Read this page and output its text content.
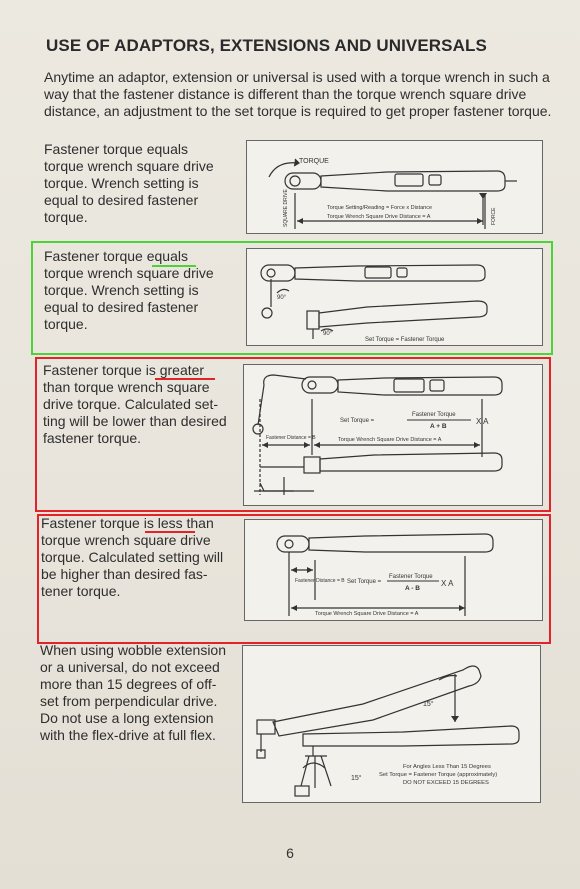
USE OF ADAPTORS, EXTENSIONS AND UNIVERSALS
Anytime an adaptor, extension or universal is used with a torque wrench in such a way that the fastener distance is different than the torque wrench square drive distance, an adjustment to the set torque is required to get proper fastener torque.
Fastener torque equals
torque wrench square drive
torque. Wrench setting is
equal to desired fastener
torque.
TORQUE
SQUARE DRIVE	FORCE
Torque Setting/Reading = Force x Distance
Torque Wrench Square Drive Distance = A
Fastener torque equals
torque wrench square drive
torque. Wrench setting is
equal to desired fastener
torque.
90°
90°
Set Torque = Fastener Torque
Fastener torque is greater
than torque wrench square
drive torque. Calculated set-
ting will be lower than desired
fastener torque.
Set Torque =
Fastener Torque
A + B
X A
Fastener Distance = B	Torque Wrench Square Drive Distance = A
Fastener torque is less than
torque wrench square drive
torque. Calculated setting will
be higher than desired fas-
tener torque.
Fastener Distance = B Set Torque =
Fastener Torque
A - B
X A
Torque Wrench Square Drive Distance = A
When using wobble extension
or a universal, do not exceed
more than 15 degrees of off-
set from perpendicular drive.
Do not use a long extension
with the flex-drive at full flex.
15°
15°
For Angles Less Than 15 Degrees
Set Torque = Fastener Torque (approximately)
DO NOT EXCEED 15 DEGREES
6
